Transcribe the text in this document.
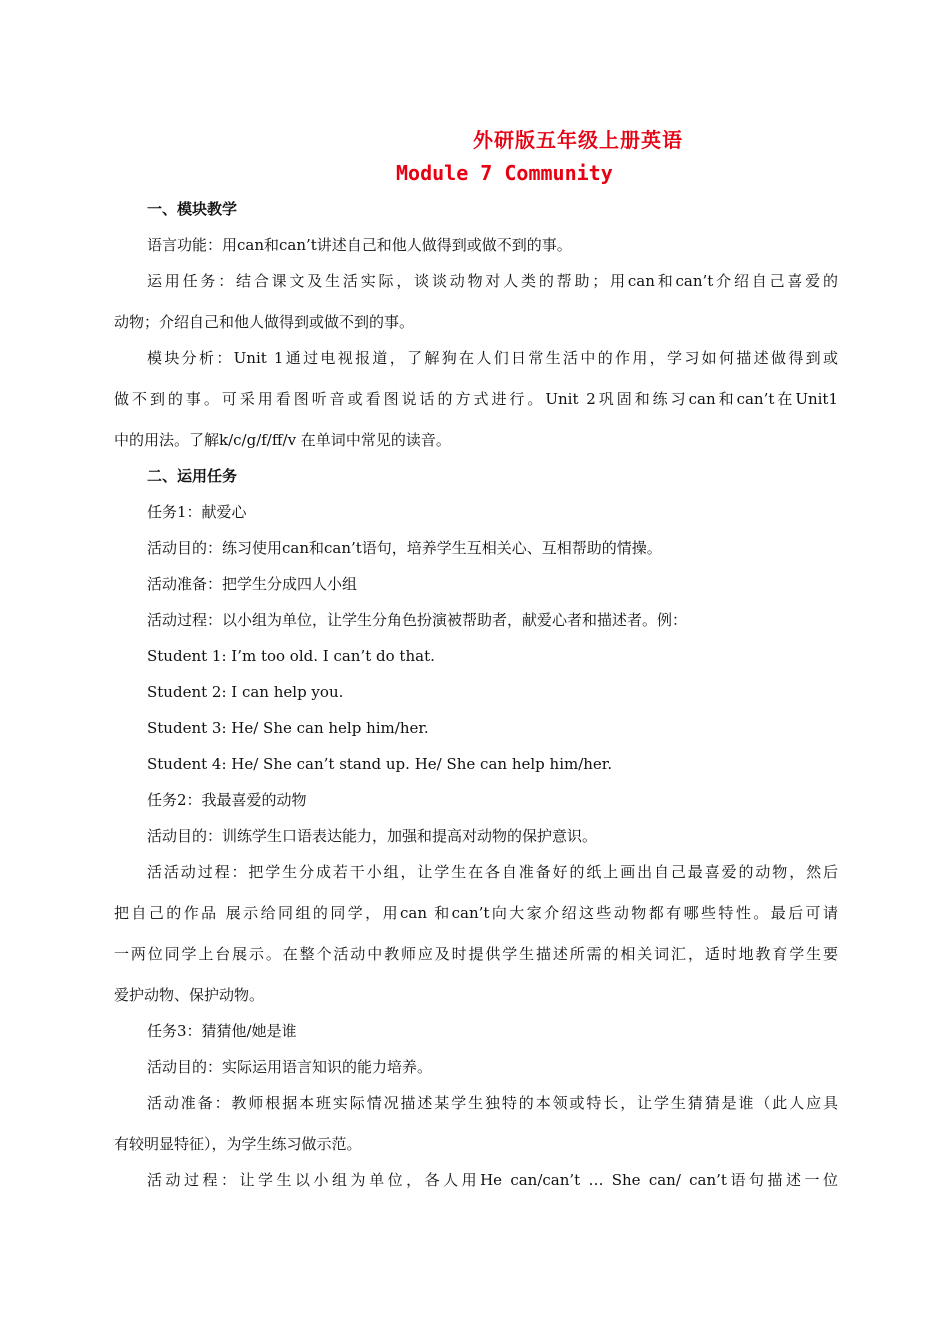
外研版五年级上册英语
Module 7 Community
一、模块教学
语言功能：用can和can’t讲述自己和他人做得到或做不到的事。
运用任务：结合课文及生活实际，谈谈动物对人类的帮助；用can和can’t介绍自己喜爱的
动物；介绍自己和他人做得到或做不到的事。
模块分析：Unit 1通过电视报道，了解狗在人们日常生活中的作用，学习如何描述做得到或
做不到的事。可采用看图听音或看图说话的方式进行。Unit 2巩固和练习can和can’t在Unit1
中的用法。了解k/c/g/f/ff/v 在单词中常见的读音。
二、运用任务
任务1：献爱心
活动目的：练习使用can和can’t语句，培养学生互相关心、互相帮助的情操。
活动准备：把学生分成四人小组
活动过程：以小组为单位，让学生分角色扮演被帮助者，献爱心者和描述者。例：
Student 1: I’m too old. I can’t do that.
Student 2: I can help you.
Student 3: He/ She can help him/her.
Student 4: He/ She can’t stand up. He/ She can help him/her.
任务2：我最喜爱的动物
活动目的：训练学生口语表达能力，加强和提高对动物的保护意识。
活活动过程：把学生分成若干小组，让学生在各自准备好的纸上画出自己最喜爱的动物，然后
把自己的作品 展示给同组的同学，用can 和can’t向大家介绍这些动物都有哪些特性。最后可请
一两位同学上台展示。在整个活动中教师应及时提供学生描述所需的相关词汇，适时地教育学生要
爱护动物、保护动物。
任务3：猜猜他/她是谁
活动目的：实际运用语言知识的能力培养。
活动准备：教师根据本班实际情况描述某学生独特的本领或特长，让学生猜猜是谁（此人应具
有较明显特征），为学生练习做示范。
活动过程：让学生以小组为单位，各人用He can/can’t … She can/ can’t语句描述一位
